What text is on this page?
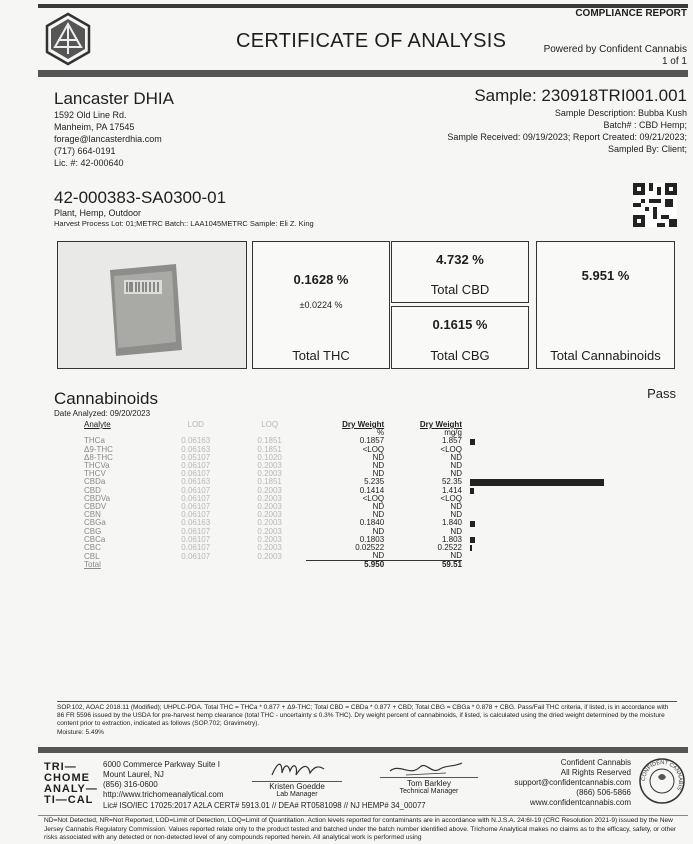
COMPLIANCE REPORT
CERTIFICATE OF ANALYSIS	Powered by Confident Cannabis
1 of 1
Lancaster DHIA
1592 Old Line Rd.
Manheim, PA 17545
forage@lancasterdhia.com
(717) 664-0191
Lic. #: 42-000640
Sample: 230918TRI001.001
Sample Description: Bubba Kush
Batch# : CBD Hemp;
Sample Received: 09/19/2023; Report Created: 09/21/2023;
Sampled By: Client;
42-000383-SA0300-01
Plant, Hemp, Outdoor
Harvest Process Lot: 01;METRC Batch:: LAA1045METRC Sample: Eli Z. King
0.1628 %
±0.0224 %
Total THC
4.732 %
Total CBD
0.1615 %
Total CBG
5.951 %
Total Cannabinoids
Cannabinoids	Pass
Date Analyzed: 09/20/2023
Analyte	LOD	LOQ	Dry Weight	Dry Weight	
			%	mg/g	
THCa	0.06163	0.1851	0.1857	1.857	

Δ9-THC	0.06163	0.1851	<LOQ	<LOQ	
Δ8-THC	0.05107	0.1020	ND	ND	
THCVa	0.06107	0.2003	ND	ND	
THCV	0.06107	0.2003	ND	ND	
CBDa	0.06163	0.1851	5.235	52.35	

CBD	0.06107	0.2003	0.1414	1.414	

CBDVa	0.06107	0.2003	<LOQ	<LOQ	
CBDV	0.06107	0.2003	ND	ND	
CBN	0.06107	0.2003	ND	ND	
CBGa	0.06163	0.2003	0.1840	1.840	

CBG	0.06107	0.2003	ND	ND	
CBCa	0.06107	0.2003	0.1803	1.803	

CBC	0.06107	0.2003	0.02522	0.2522	

CBL	0.06107	0.2003	ND	ND	
Total			5.950	59.51	
SOP.102, AOAC 2018.11 (Modified); UHPLC-PDA. Total THC = THCa * 0.877 + Δ9-THC; Total CBD = CBDa * 0.877 + CBD; Total CBG = CBGa * 0.878 + CBG. Pass/Fail THC criteria, if listed, is in accordance with 86 FR 5596 issued by the USDA for pre-harvest hemp clearance (total THC - uncertainty ≤ 0.3% THC). Dry weight percent of cannabinoids, if listed, is calculated using the dried weight determined by the moisture content prior to extraction, indicated as follows (SOP.702; Gravimetry).
Moisture: 5.49%
TRI— CHOME ANALY— TI—CAL
6000 Commerce Parkway Suite I
Mount Laurel, NJ
(856) 316-0600
http://www.trichomeanalytical.com
Lic# ISO/IEC 17025:2017 A2LA CERT# 5913.01 // DEA# RT0581098 // NJ HEMP# 34_00077
Kristen Goedde
Lab Manager
Tom Barkley
Technical Manager
Confident Cannabis
All Rights Reserved
support@confidentcannabis.com
(866) 506-5866
www.confidentcannabis.com
CONFIDENT CANNABIS
ND=Not Detected, NR=Not Reported, LOD=Limit of Detection, LOQ=Limit of Quantitation. Action levels reported for contaminants are in accordance with N.J.S.A. 24:6I-19 (CRC Resolution 2021-9) issued by the New Jersey Cannabis Regulatory Commission. Values reported relate only to the product tested and batched under the batch number identified above. Trichome Analytical makes no claims as to the efficacy, safety, or other risks associated with any detected or non-detected level of any compounds reported herein. All analytical work is performed using
